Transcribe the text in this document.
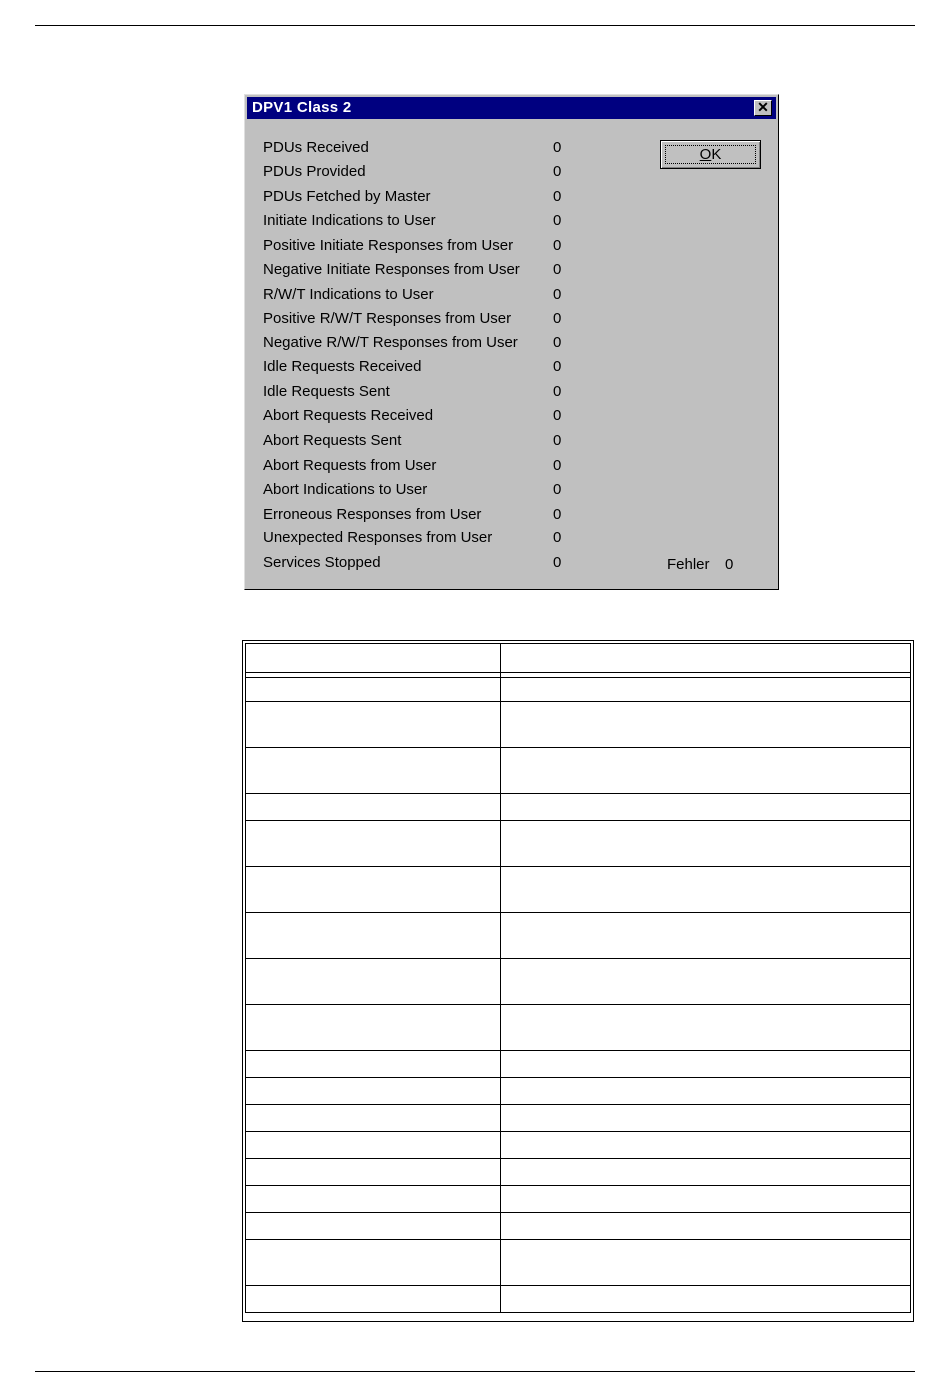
DPV1 Class 2	✕
PDUs Received	0
PDUs Provided	0
PDUs Fetched by Master	0
Initiate Indications to User	0
Positive Initiate Responses from User	0
Negative Initiate Responses from User 0
R/W/T Indications to User	0
Positive R/W/T Responses from User	0
Negative R/W/T Responses from User 0
Idle Requests Received	0
Idle Requests Sent	0
Abort Requests Received	0
Abort Requests Sent	0
Abort Requests from User	0
Abort Indications to User	0
Erroneous Responses from User	0
Unexpected Responses from User	0
Services Stopped	0
OK
Fehler 0
